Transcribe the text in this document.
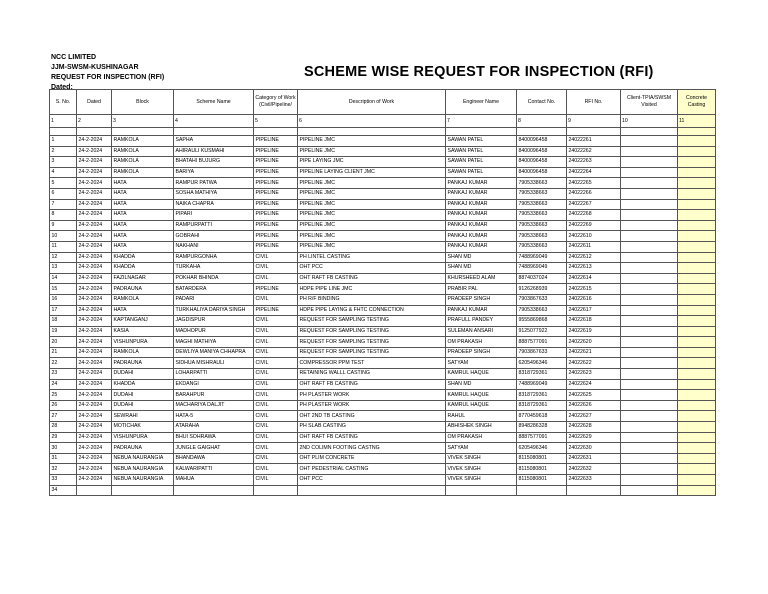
NCC LIMITED
JJM-SWSM-KUSHINAGAR
REQUEST FOR INSPECTION (RFI)
Dated:
SCHEME WISE REQUEST FOR INSPECTION (RFI)
S. No.	Dated	Block	Scheme Name	Category of Work (Civil/Pipeline/	Description of Work	Engineer Name	Contact No.	RFI No.	Client-TPIA/SWSM Visited	Concrete Casting
1	2	3	4	5	6	7	8	9	10	11

1	24-2-2024	RAMKOLA	SAPHA	PIPELINE	PIPELINE JMC	SAWAN PATEL	8400096458	24022261		
2	24-2-2024	RAMKOLA	AHIRAULI KUSMAHI	PIPELINE	PIPELINE JMC	SAWAN PATEL	8400096458	24022262		
3	24-2-2024	RAMKOLA	BHATAHI BUJURG	PIPELINE	PIPE LAYING JMC	SAWAN PATEL	8400096458	24022263		
4	24-2-2024	RAMKOLA	BARIYA	PIPELINE	PIPELINE LAYING CLIENT JMC	SAWAN PATEL	8400096458	24022264		
5	24-2-2024	HATA	RAMPUR PATWA	PIPELINE	PIPELINE JMC	PANKAJ KUMAR	7905338663	24022265		
6	24-2-2024	HATA	SOSHA MATHIYA	PIPELINE	PIPELINE JMC	PANKAJ KUMAR	7905338663	24022266		
7	24-2-2024	HATA	NAIKA CHAPRA	PIPELINE	PIPELINE JMC	PANKAJ KUMAR	7905338663	24022267		
8	24-2-2024	HATA	PIPARI	PIPELINE	PIPELINE JMC	PANKAJ KUMAR	7905338663	24022268		
9	24-2-2024	HATA	RAMPURPATTI	PIPELINE	PIPELINE JMC	PANKAJ KUMAR	7905338663	24022269		
10	24-2-2024	HATA	GOBRAHI	PIPELINE	PIPELINE JMC	PANKAJ KUMAR	7905338663	24022610		
11	24-2-2024	HATA	NAKHANI	PIPELINE	PIPELINE JMC	PANKAJ KUMAR	7905338663	24022611		
12	24-2-2024	KHADDA	RAMPURGONHA	CIVIL	PH LINTEL CASTING	SHAN MD	7488969049	24022612		
13	24-2-2024	KHADDA	TURKAHA	CIVIL	OHT PCC	SHAN MD	7488969049	24022613		
14	24-2-2024	FAZILNAGAR	POKHAR BHINDA	CIVIL	OHT RAFT FB CASTING	KHURSHEED ALAM	8874037024	24022614		
15	24-2-2024	PADRAUNA	BATARDERA	PIPELINE	HDPE PIPE LINE JMC	PRABIR PAL	9126268939	24022615		
16	24-2-2024	RAMKOLA	PADARI	CIVIL	PH R/F BINDING	PRADEEP SINGH	7903867633	24022616		
17	24-2-2024	HATA	TURKHALIYA DARIYA SINGH	PIPELINE	HDPE PIPE LAYING & FHTC CONNECTION	PANKAJ KUMAR	7905338663	24022617		
18	24-2-2024	KAPTANGANJ	JAGDISPUR	CIVIL	REQUEST FOR SAMPLING TESTING	PRAFULL PANDEY	9555869868	24022618		
19	24-2-2024	KASIA	MADHOPUR	CIVIL	REQUEST FOR SAMPLING TESTING	SULEMAN ANSARI	9125077922	24022619		
20	24-2-2024	VISHUNPURA	MAGHI MATHIYA	CIVIL	REQUEST FOR SAMPLING TESTING	OM PRAKASH	8887577091	24022620		
21	24-2-2024	RAMKOLA	DEWLIYA MANIYA CHHAPRA	CIVIL	REQUEST FOR SAMPLING TESTING	PRADEEP SINGH	7903867633	24022621		
22	24-2-2024	PADRAUNA	SIDHUA MISHRAULI	CIVIL	COMPRESSOR PPM TEST	SATYAM	6205496346	24022622		
23	24-2-2024	DUDAHI	LOHARPATTI	CIVIL	RETAINING WALLL CASTING	KAMRUL HAQUE	8318729361	24022623		
24	24-2-2024	KHADDA	EKDANGI	CIVIL	OHT RAFT FB CASTING	SHAN MD	7488969049	24022624		
25	24-2-2024	DUDAHI	BARAHPUR	CIVIL	PH PLASTER WORK	KAMRUL HAQUE	8318729361	24022625		
26	24-2-2024	DUDAHI	MACHARIYA DALJIT	CIVIL	PH PLASTER WORK	KAMRUL HAQUE	8318729361	24022626		
27	24-2-2024	SEWRAHI	HATA-5	CIVIL	OHT 2ND TB CASTING	RAHUL	8770459618	24022627		
28	24-2-2024	MOTICHAK	ATARAHA	CIVIL	PH SLAB CASTING	ABHISHEK SINGH	8948286328	24022628		
29	24-2-2024	VISHUNPURA	BHUI SOHRAWA	CIVIL	OHT RAFT FB CASTING	OM PRAKASH	8887577091	24022629		
30	24-2-2024	PADRAUNA	JUNGLE GAIGHAT	CIVIL	2ND COLIMN FOOTING CASTNG	SATYAM	6205496346	24022630		
31	24-2-2024	NEBUA NAURANGIA	BHANDAWA	CIVIL	OHT PLIM CONCRETE	VIVEK SINGH	8115080801	24022631		
32	24-2-2024	NEBUA NAURANGIA	KALWARIPATTI	CIVIL	OHT PEDESTRIAL CASTING	VIVEK SINGH	8115080801	24022632		
33	24-2-2024	NEBUA NAURANGIA	MAHUA	CIVIL	OHT PCC	VIVEK SINGH	8115080801	24022633		
34										
